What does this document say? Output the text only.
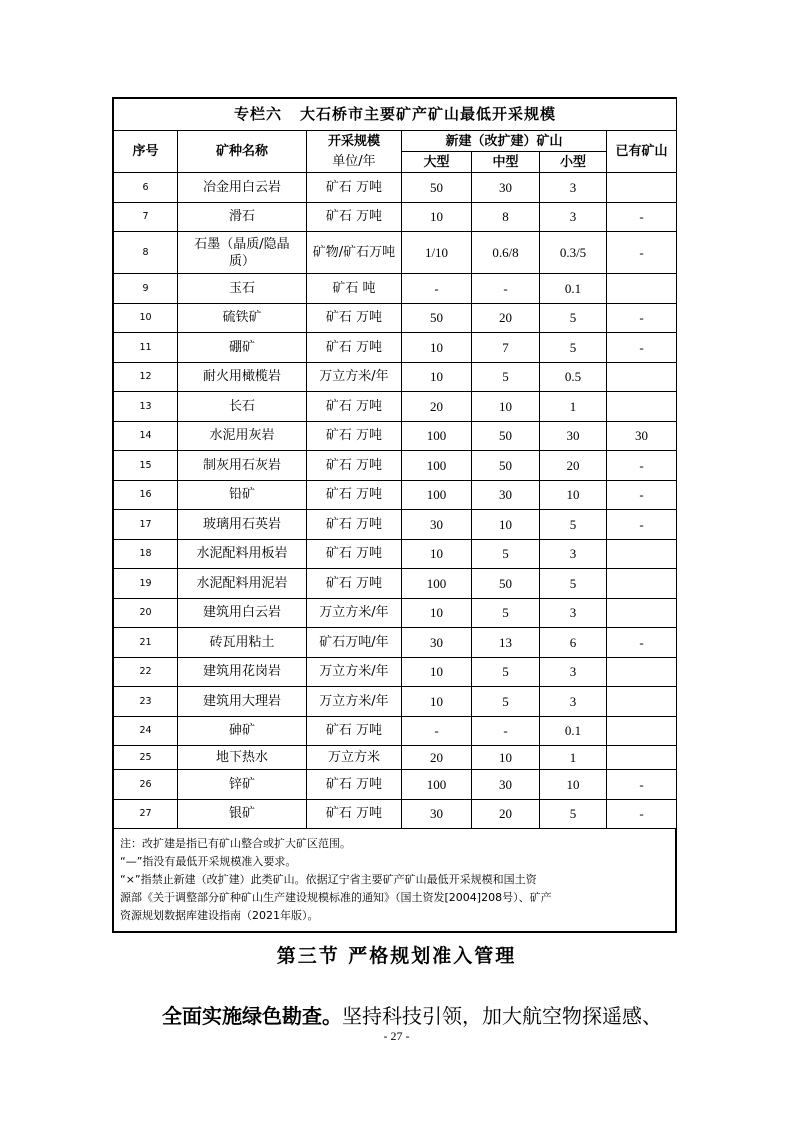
专栏六 大石桥市主要矿产矿山最低开采规模						
序号	矿种名称	开采规模	新建（改扩建）矿山			已有矿山
		单位/年	大型	中型	小型	
6	冶金用白云岩	矿石 万吨	50	30	3	
7	滑石	矿石 万吨	10	8	3	-
8	石墨（晶质/隐晶质）	矿物/矿石万吨	1/10	0.6/8	0.3/5	-
9	玉石	矿石 吨	-	-	0.1	
10	硫铁矿	矿石 万吨	50	20	5	-
11	硼矿	矿石 万吨	10	7	5	-
12	耐火用橄榄岩	万立方米/年	10	5	0.5	
13	长石	矿石 万吨	20	10	1	
14	水泥用灰岩	矿石 万吨	100	50	30	30
15	制灰用石灰岩	矿石 万吨	100	50	20	-
16	铅矿	矿石 万吨	100	30	10	-
17	玻璃用石英岩	矿石 万吨	30	10	5	-
18	水泥配料用板岩	矿石 万吨	10	5	3	
19	水泥配料用泥岩	矿石 万吨	100	50	5	
20	建筑用白云岩	万立方米/年	10	5	3	
21	砖瓦用粘土	矿石万吨/年	30	13	6	-
22	建筑用花岗岩	万立方米/年	10	5	3	
23	建筑用大理岩	万立方米/年	10	5	3	
24	砷矿	矿石 万吨	-	-	0.1	
25	地下热水	万立方米	20	10	1	
26	锌矿	矿石 万吨	100	30	10	-
27	银矿	矿石 万吨	30	20	5	-
注：改扩建是指已有矿山整合或扩大矿区范围。
“—”指没有最低开采规模准入要求。
“×”指禁止新建（改扩建）此类矿山。依据辽宁省主要矿产矿山最低开采规模和国土资
源部《关于调整部分矿种矿山生产建设规模标准的通知》（国土资发[2004]208号）、矿产
资源规划数据库建设指南（2021年版）。
第三节 严格规划准入管理
全面实施绿色勘查。坚持科技引领，加大航空物探遥感、
- 27 -
